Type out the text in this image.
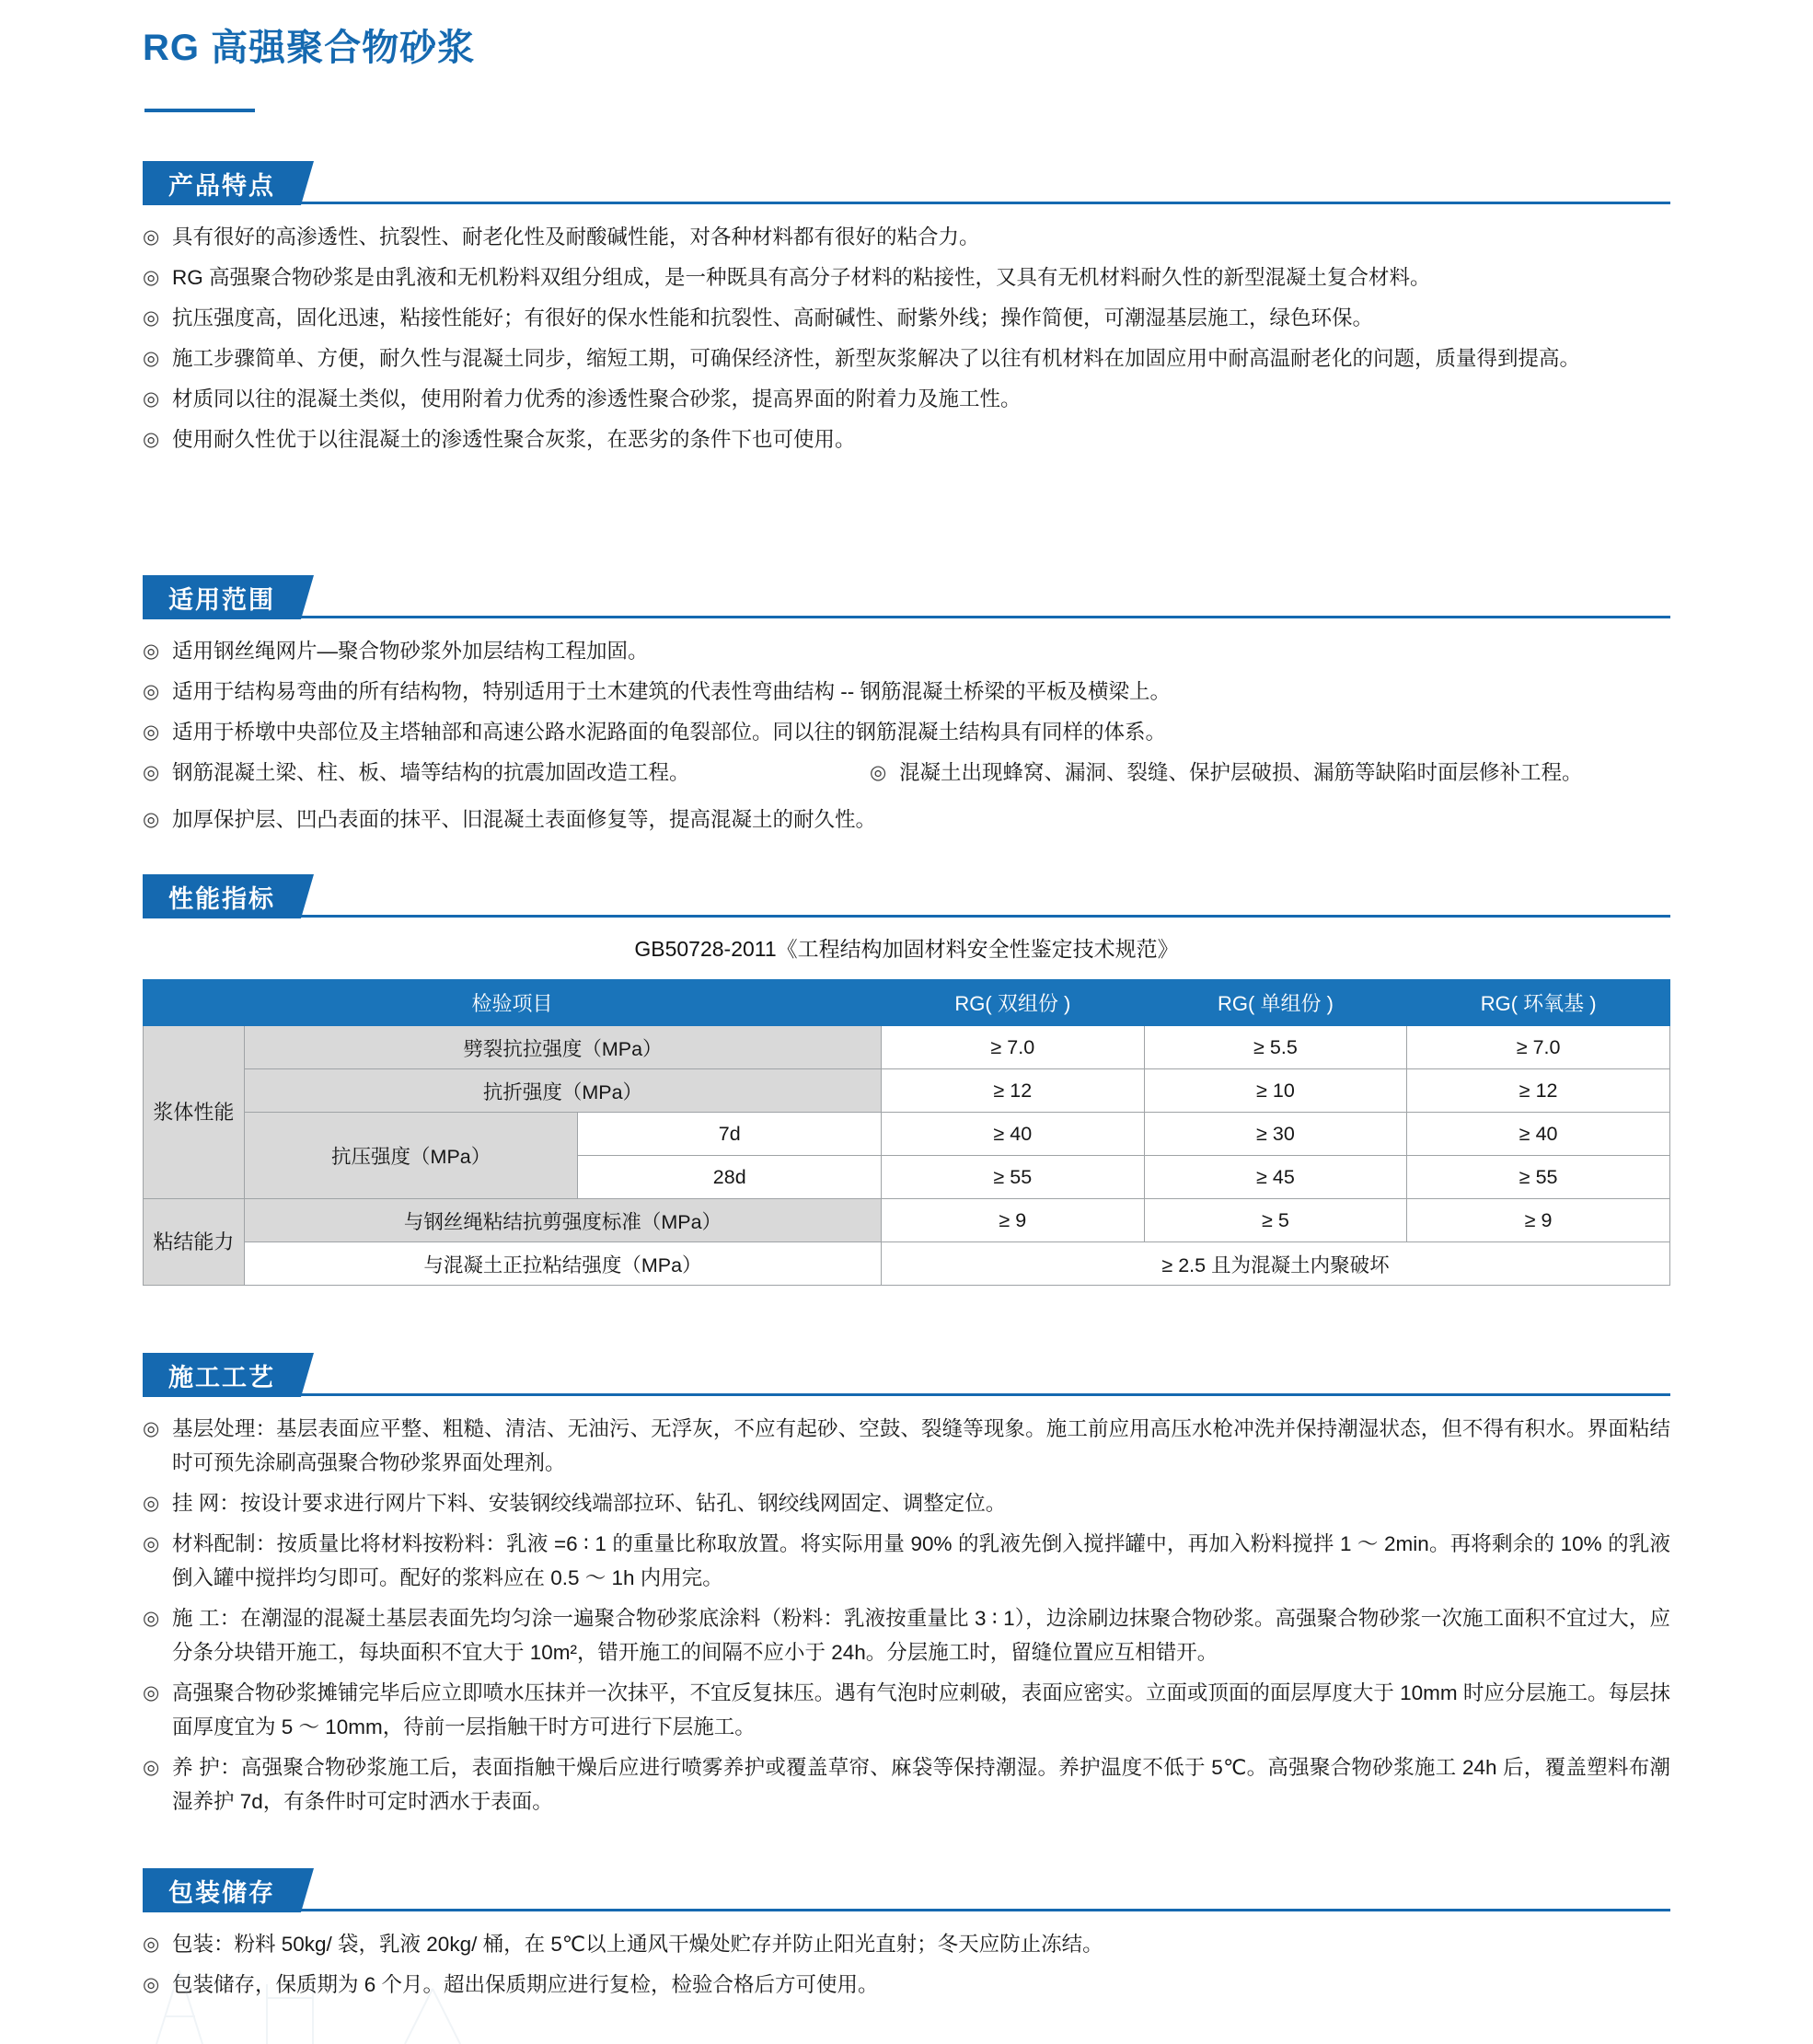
RG 高强聚合物砂浆
产品特点
◎ 具有很好的高渗透性、抗裂性、耐老化性及耐酸碱性能，对各种材料都有很好的粘合力。
◎ RG 高强聚合物砂浆是由乳液和无机粉料双组分组成，是一种既具有高分子材料的粘接性，又具有无机材料耐久性的新型混凝土复合材料。
◎ 抗压强度高，固化迅速，粘接性能好；有很好的保水性能和抗裂性、高耐碱性、耐紫外线；操作简便，可潮湿基层施工，绿色环保。
◎ 施工步骤简单、方便，耐久性与混凝土同步，缩短工期，可确保经济性，新型灰浆解决了以往有机材料在加固应用中耐高温耐老化的问题，质量得到提高。
◎ 材质同以往的混凝土类似，使用附着力优秀的渗透性聚合砂浆，提高界面的附着力及施工性。
◎ 使用耐久性优于以往混凝土的渗透性聚合灰浆，在恶劣的条件下也可使用。
适用范围
◎ 适用钢丝绳网片—聚合物砂浆外加层结构工程加固。
◎ 适用于结构易弯曲的所有结构物，特别适用于土木建筑的代表性弯曲结构 -- 钢筋混凝土桥梁的平板及横梁上。
◎ 适用于桥墩中央部位及主塔轴部和高速公路水泥路面的龟裂部位。同以往的钢筋混凝土结构具有同样的体系。
◎ 钢筋混凝土梁、柱、板、墙等结构的抗震加固改造工程。	◎ 混凝土出现蜂窝、漏洞、裂缝、保护层破损、漏筋等缺陷时面层修补工程。
◎ 加厚保护层、凹凸表面的抹平、旧混凝土表面修复等，提高混凝土的耐久性。
性能指标
GB50728-2011《工程结构加固材料安全性鉴定技术规范》
检验项目			RG( 双组份 )	RG( 单组份 )	RG( 环氧基 )
浆体性能	劈裂抗拉强度（MPa）		≥ 7.0	≥ 5.5	≥ 7.0
	抗折强度（MPa）		≥ 12	≥ 10	≥ 12
	抗压强度（MPa）	7d	≥ 40	≥ 30	≥ 40
		28d	≥ 55	≥ 45	≥ 55
粘结能力	与钢丝绳粘结抗剪强度标准（MPa）		≥ 9	≥ 5	≥ 9
	与混凝土正拉粘结强度（MPa）		≥ 2.5 且为混凝土内聚破坏		
施工工艺
◎ 基层处理：基层表面应平整、粗糙、清洁、无油污、无浮灰，不应有起砂、空鼓、裂缝等现象。施工前应用高压水枪冲洗并保持潮湿状态，但不得有积水。界面粘结时可预先涂刷高强聚合物砂浆界面处理剂。
◎ 挂 网：按设计要求进行网片下料、安装钢绞线端部拉环、钻孔、钢绞线网固定、调整定位。
◎ 材料配制：按质量比将材料按粉料：乳液 =6 ∶ 1 的重量比称取放置。将实际用量 90% 的乳液先倒入搅拌罐中，再加入粉料搅拌 1 ～ 2min。再将剩余的 10% 的乳液倒入罐中搅拌均匀即可。配好的浆料应在 0.5 ～ 1h 内用完。
◎ 施 工：在潮湿的混凝土基层表面先均匀涂一遍聚合物砂浆底涂料（粉料：乳液按重量比 3 ∶ 1），边涂刷边抹聚合物砂浆。高强聚合物砂浆一次施工面积不宜过大，应分条分块错开施工，每块面积不宜大于 10m²，错开施工的间隔不应小于 24h。分层施工时，留缝位置应互相错开。
◎ 高强聚合物砂浆摊铺完毕后应立即喷水压抹并一次抹平，不宜反复抹压。遇有气泡时应刺破，表面应密实。立面或顶面的面层厚度大于 10mm 时应分层施工。每层抹面厚度宜为 5 ～ 10mm，待前一层指触干时方可进行下层施工。
◎ 养 护：高强聚合物砂浆施工后，表面指触干燥后应进行喷雾养护或覆盖草帘、麻袋等保持潮湿。养护温度不低于 5℃。高强聚合物砂浆施工 24h 后，覆盖塑料布潮湿养护 7d，有条件时可定时洒水于表面。
包装储存
◎ 包装：粉料 50kg/ 袋，乳液 20kg/ 桶，在 5℃以上通风干燥处贮存并防止阳光直射；冬天应防止冻结。
◎ 包装储存，保质期为 6 个月。超出保质期应进行复检，检验合格后方可使用。
